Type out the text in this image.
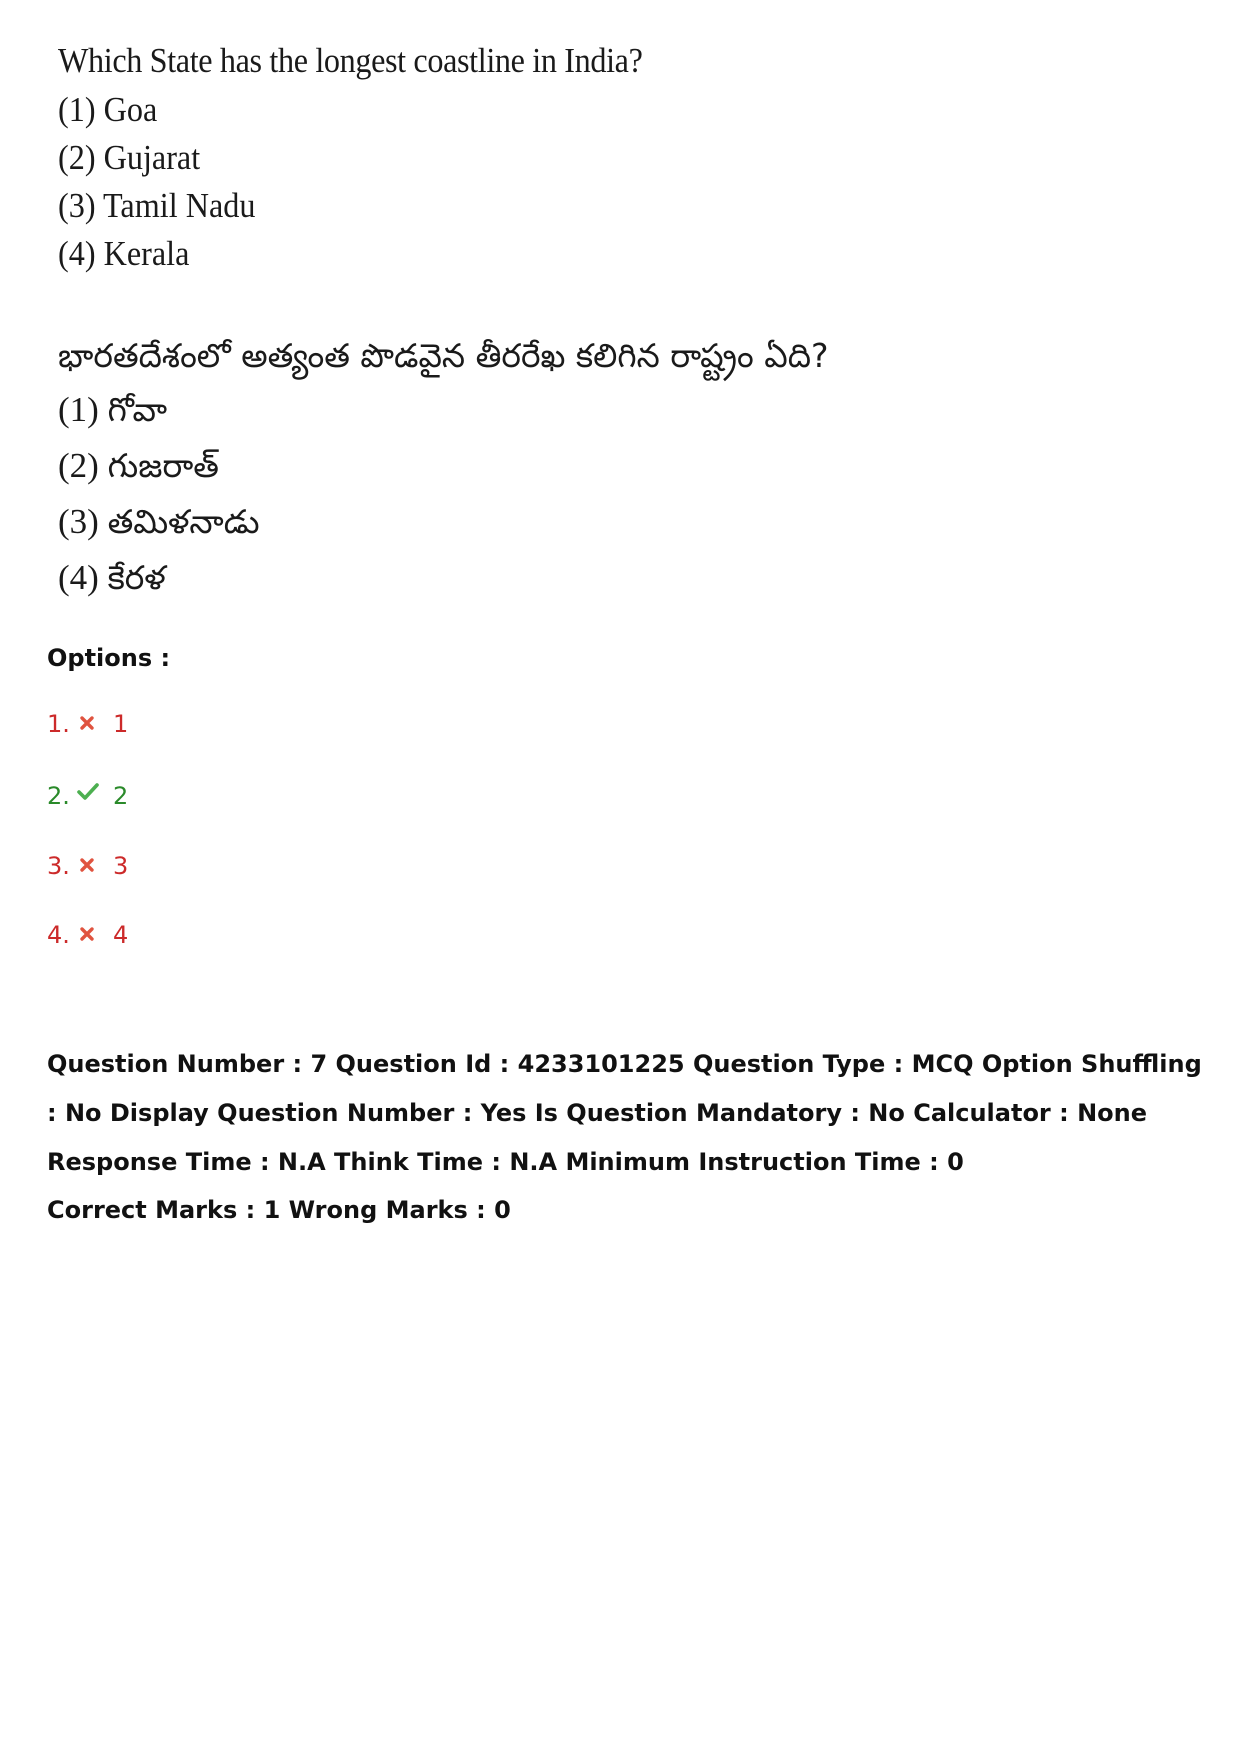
Which State has the longest coastline in India?
(1) Goa
(2) Gujarat
(3) Tamil Nadu
(4) Kerala
భారతదేశంలో అత్యంత పొడవైన తీరరేఖ కలిగిన రాష్ట్రం ఏది?
(1) గోవా
(2) గుజరాత్
(3) తమిళనాడు
(4) కేరళ
Options :
1. 1
2. 2
3. 3
4. 4
Question Number : 7 Question Id : 4233101225 Question Type : MCQ Option Shuffling : No Display Question Number : Yes Is Question Mandatory : No Calculator : None Response Time : N.A Think Time : N.A Minimum Instruction Time : 0
Correct Marks : 1 Wrong Marks : 0
